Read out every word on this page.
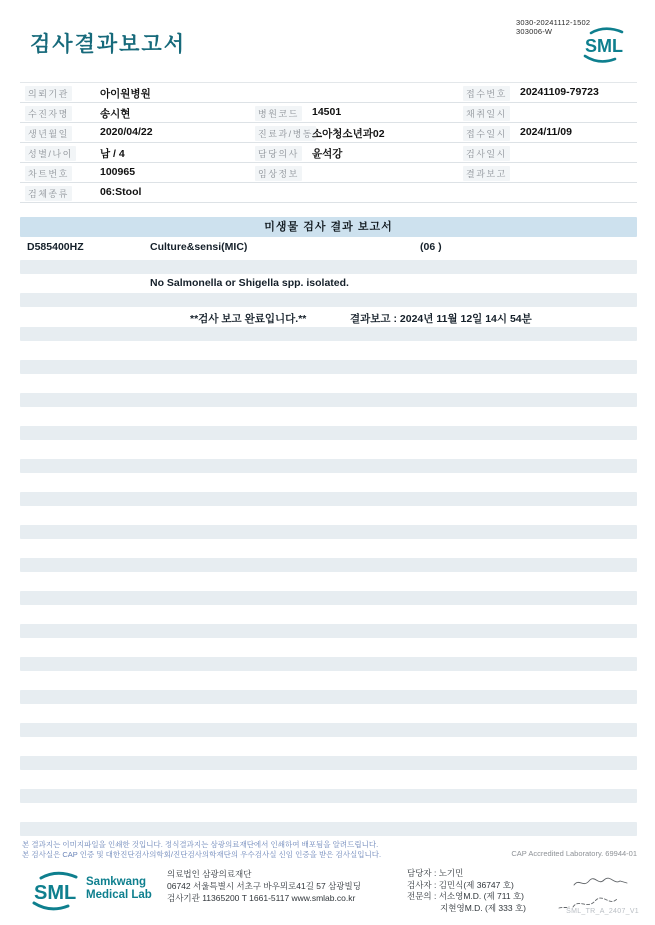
3030-20241112-1502
303006-W
SML
검사결과보고서
의뢰기관	아이원병원	접수번호 20241109-79723
수진자명	송시현	병원코드 14501	채취일시
생년월일	2020/04/22	진료과/병동 소아청소년과02	접수일시 2024/11/09
성별/나이	남 / 4	담당의사 윤석강	검사일시
차트번호	100965	임상정보	결과보고
검체종류	06:Stool
미생물 검사 결과 보고서
D585400HZ	Culture&sensi(MIC)	(06 )
No Salmonella or Shigella spp. isolated.
**검사 보고 완료입니다.**	결과보고 : 2024년 11월 12일 14시 54분
본 결과지는 이미지파일을 인쇄한 것입니다. 정식결과지는 삼광의료재단에서 인쇄하여 배포됨을 알려드립니다.
본 검사실은 CAP 인증 및 대한진단검사의학회/진단검사의학재단의 우수검사실 신임 인증을 받은 검사실입니다.	CAP Accredited Laboratory. 69944-01
SML Samkwang
Medical Lab
의료법인 삼광의료재단
06742 서울특별시 서초구 바우뫼로41길 57 삼광빌딩
검사기관 11365200 T 1661-5117 www.smlab.co.kr
담당자 : 노기민
검사자 : 김민식(제 36747 호)
전문의 : 서소영M.D. (제 711 호)
지현영M.D. (제 333 호)	SML_TR_A_2407_V1
